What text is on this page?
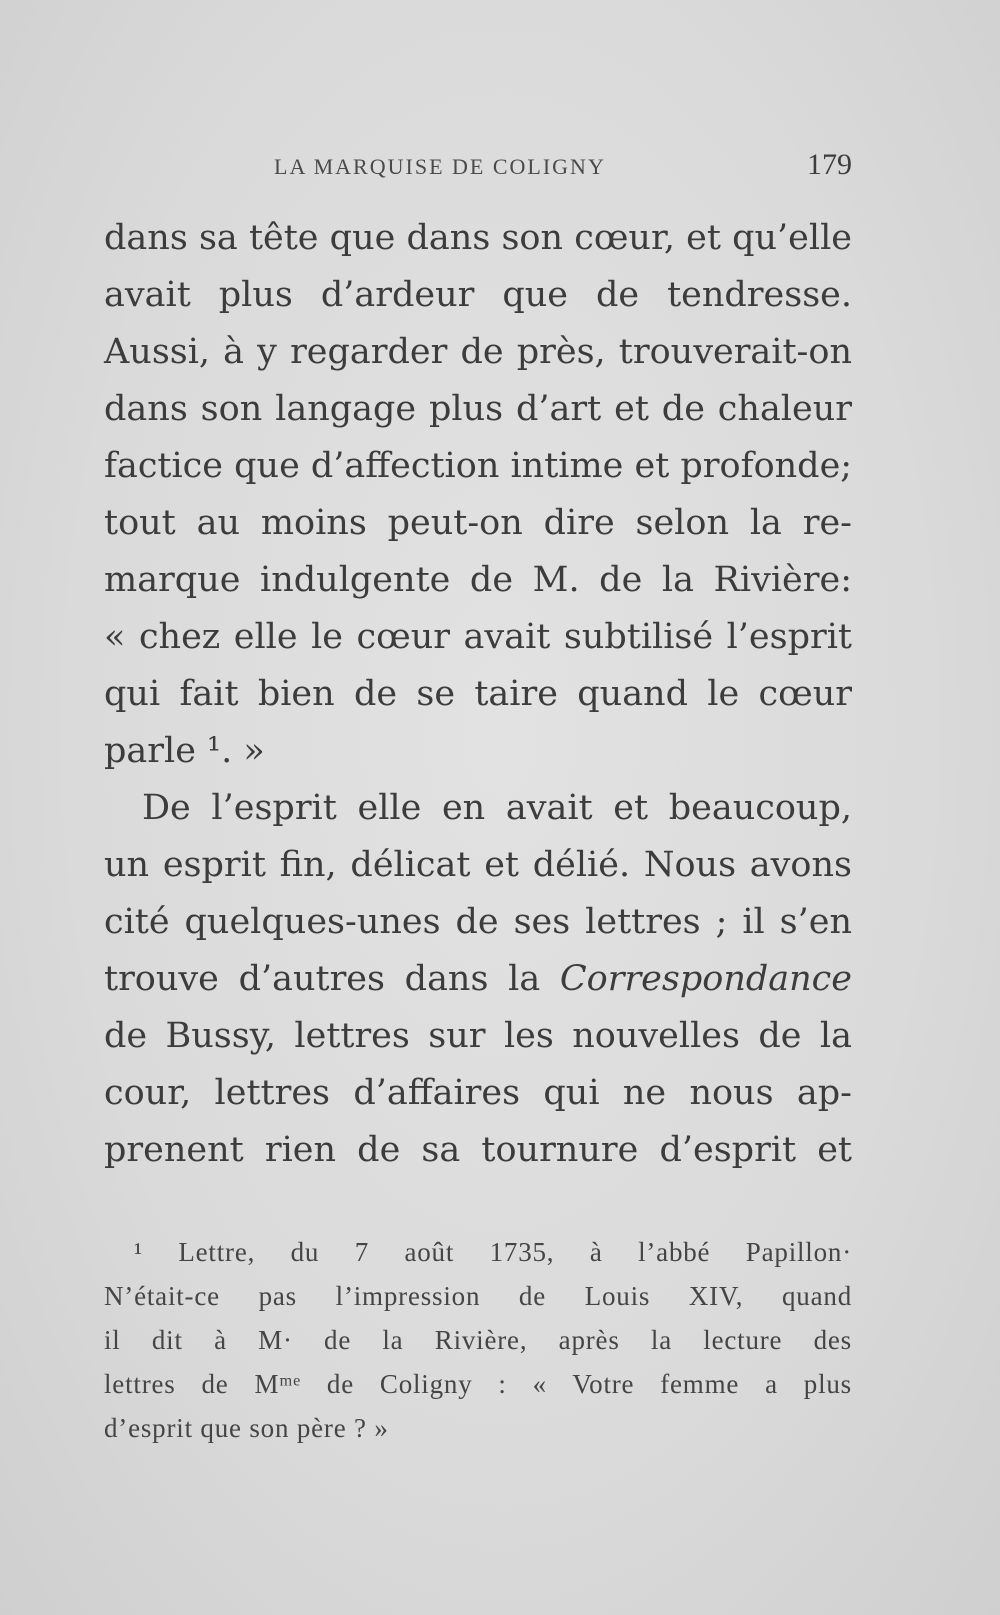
LA MARQUISE DE COLIGNY	179
dans sa tête que dans son cœur, et qu’elle
avait plus d’ardeur que de tendresse.
Aussi, à y regarder de près, trouverait-on
dans son langage plus d’art et de chaleur
factice que d’affection intime et profonde;
tout au moins peut-on dire selon la re-
marque indulgente de M. de la Rivière:
« chez elle le cœur avait subtilisé l’esprit
qui fait bien de se taire quand le cœur
parle ¹. »
De l’esprit elle en avait et beaucoup,
un esprit fin, délicat et délié. Nous avons
cité quelques-unes de ses lettres ; il s’en
trouve d’autres dans la Correspondance
de Bussy, lettres sur les nouvelles de la
cour, lettres d’affaires qui ne nous ap-
prenent rien de sa tournure d’esprit et
¹ Lettre, du 7 août 1735, à l’abbé Papillon·
N’était-ce pas l’impression de Louis XIV, quand
il dit à M· de la Rivière, après la lecture des
lettres de Mᵐᵉ de Coligny : « Votre femme a plus
d’esprit que son père ? »
